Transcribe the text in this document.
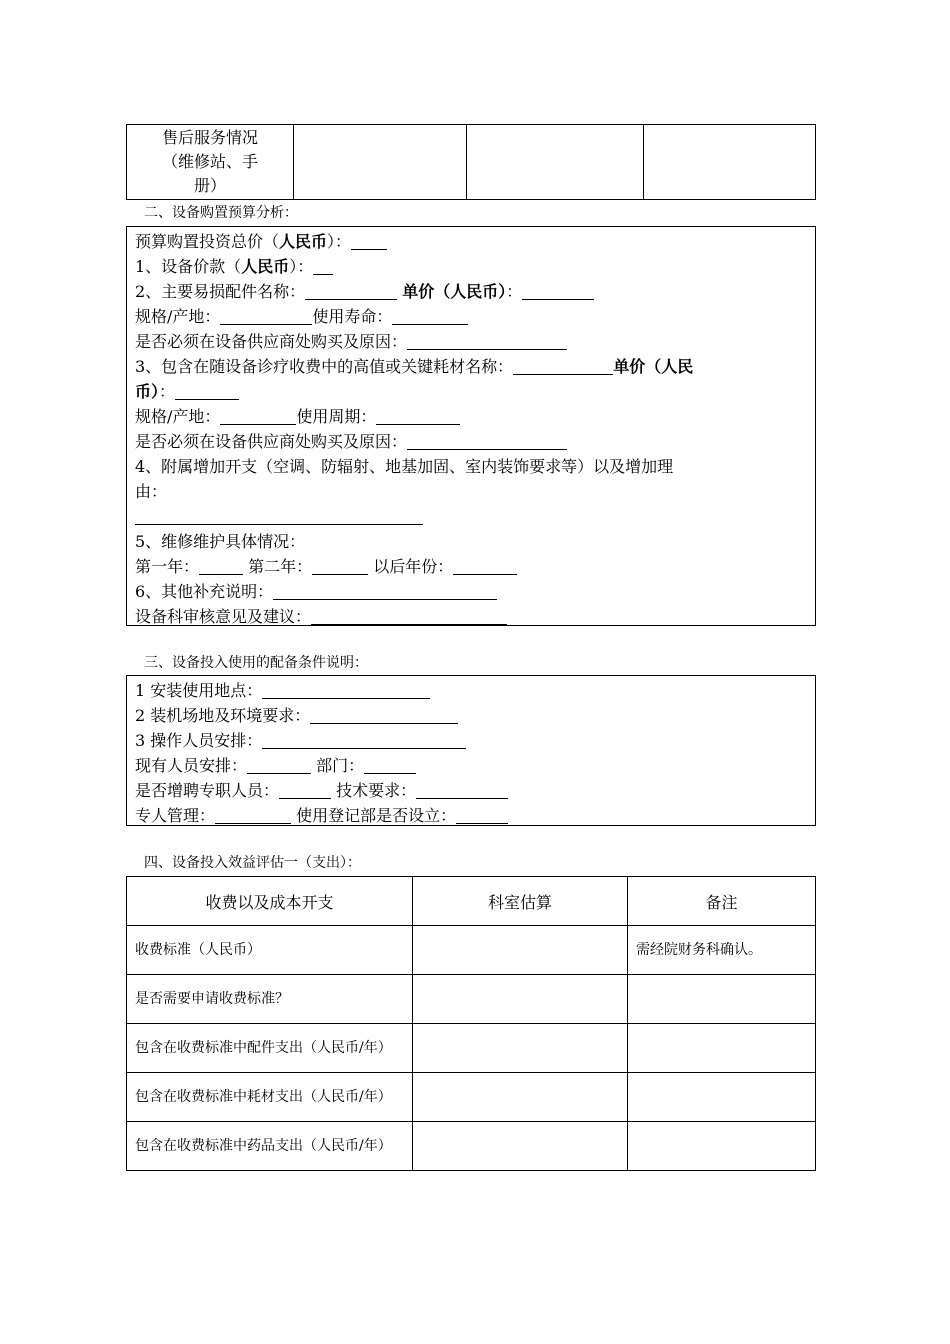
售后服务情况
（维修站、手
册）

二、设备购置预算分析：
预算购置投资总价（人民币）：
1、设备价款（人民币）：
2、主要易损配件名称：	单价（人民币）：
规格/产地：	使用寿命：
是否必须在设备供应商处购买及原因：
3、包含在随设备诊疗收费中的高值或关键耗材名称：	单价（人民
币）：
规格/产地：	使用周期：
是否必须在设备供应商处购买及原因：
4、附属增加开支（空调、防辐射、地基加固、室内装饰要求等）以及增加理
由：
5、维修维护具体情况：
第一年：	第二年：	以后年份：
6、其他补充说明：
设备科审核意见及建议：
三、设备投入使用的配备条件说明：
1 安装使用地点：
2 装机场地及环境要求：
3 操作人员安排：
现有人员安排：	部门：
是否增聘专职人员：	技术要求：
专人管理：	使用登记部是否设立：
四、设备投入效益评估一（支出）：
收费以及成本开支	科室估算	备注
收费标准（人民币）		需经院财务科确认。
是否需要申请收费标准？		
包含在收费标准中配件支出（人民币/年）		
包含在收费标准中耗材支出（人民币/年）		
包含在收费标准中药品支出（人民币/年）		
